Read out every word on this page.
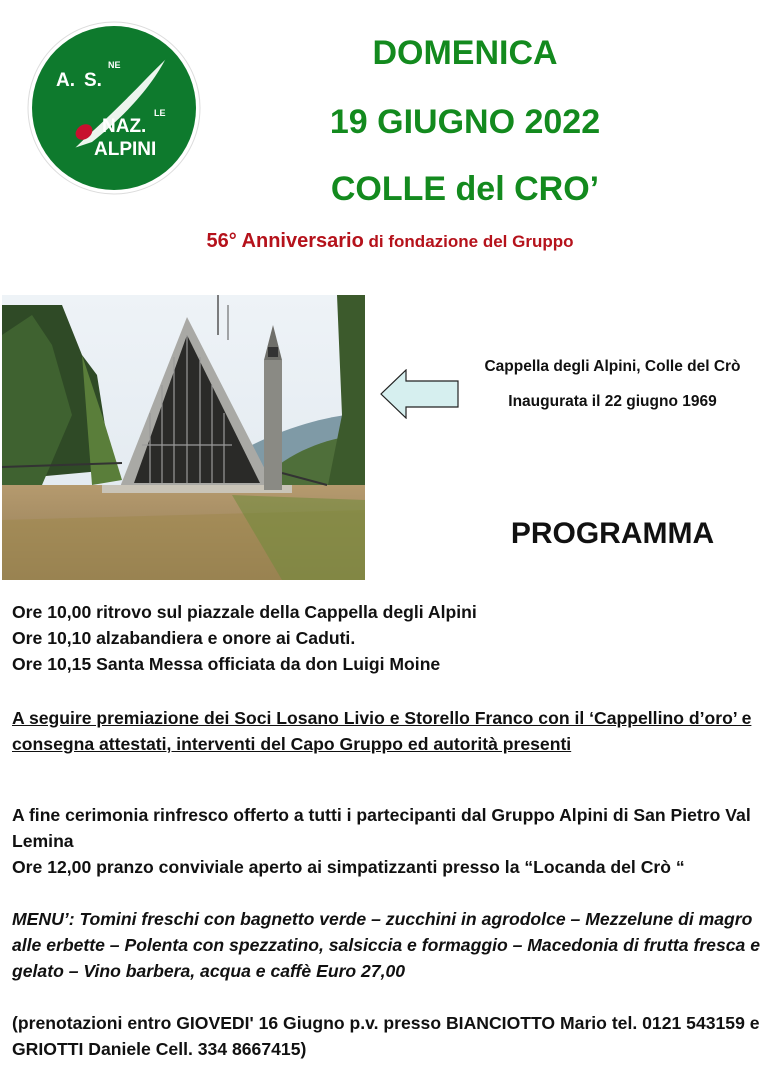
A. S.
NE
NAZ.
LE
ALPINI
DOMENICA
19 GIUGNO 2022
COLLE del CRO’
56° Anniversario di fondazione del Gruppo

Cappella degli Alpini, Colle del Crò

Inaugurata il 22 giugno 1969

PROGRAMMA
Ore 10,00 ritrovo sul piazzale della Cappella degli Alpini
Ore 10,10 alzabandiera e onore ai Caduti.
Ore 10,15 Santa Messa officiata da don Luigi Moine
A seguire premiazione dei Soci Losano Livio e Storello Franco con il ‘Cappellino d’oro’ e consegna attestati, interventi del Capo Gruppo ed autorità presenti
A fine cerimonia rinfresco offerto a tutti i partecipanti dal Gruppo Alpini di San Pietro Val Lemina
Ore 12,00 pranzo conviviale aperto ai simpatizzanti presso la “Locanda del Crò “
MENU’: Tomini freschi con bagnetto verde – zucchini in agrodolce – Mezzelune di magro alle erbette – Polenta con spezzatino, salsiccia e formaggio – Macedonia di frutta fresca e gelato – Vino barbera, acqua e caffè Euro 27,00
(prenotazioni entro GIOVEDI' 16 Giugno p.v. presso BIANCIOTTO Mario tel. 0121 543159 e GRIOTTI Daniele Cell. 334 8667415)
